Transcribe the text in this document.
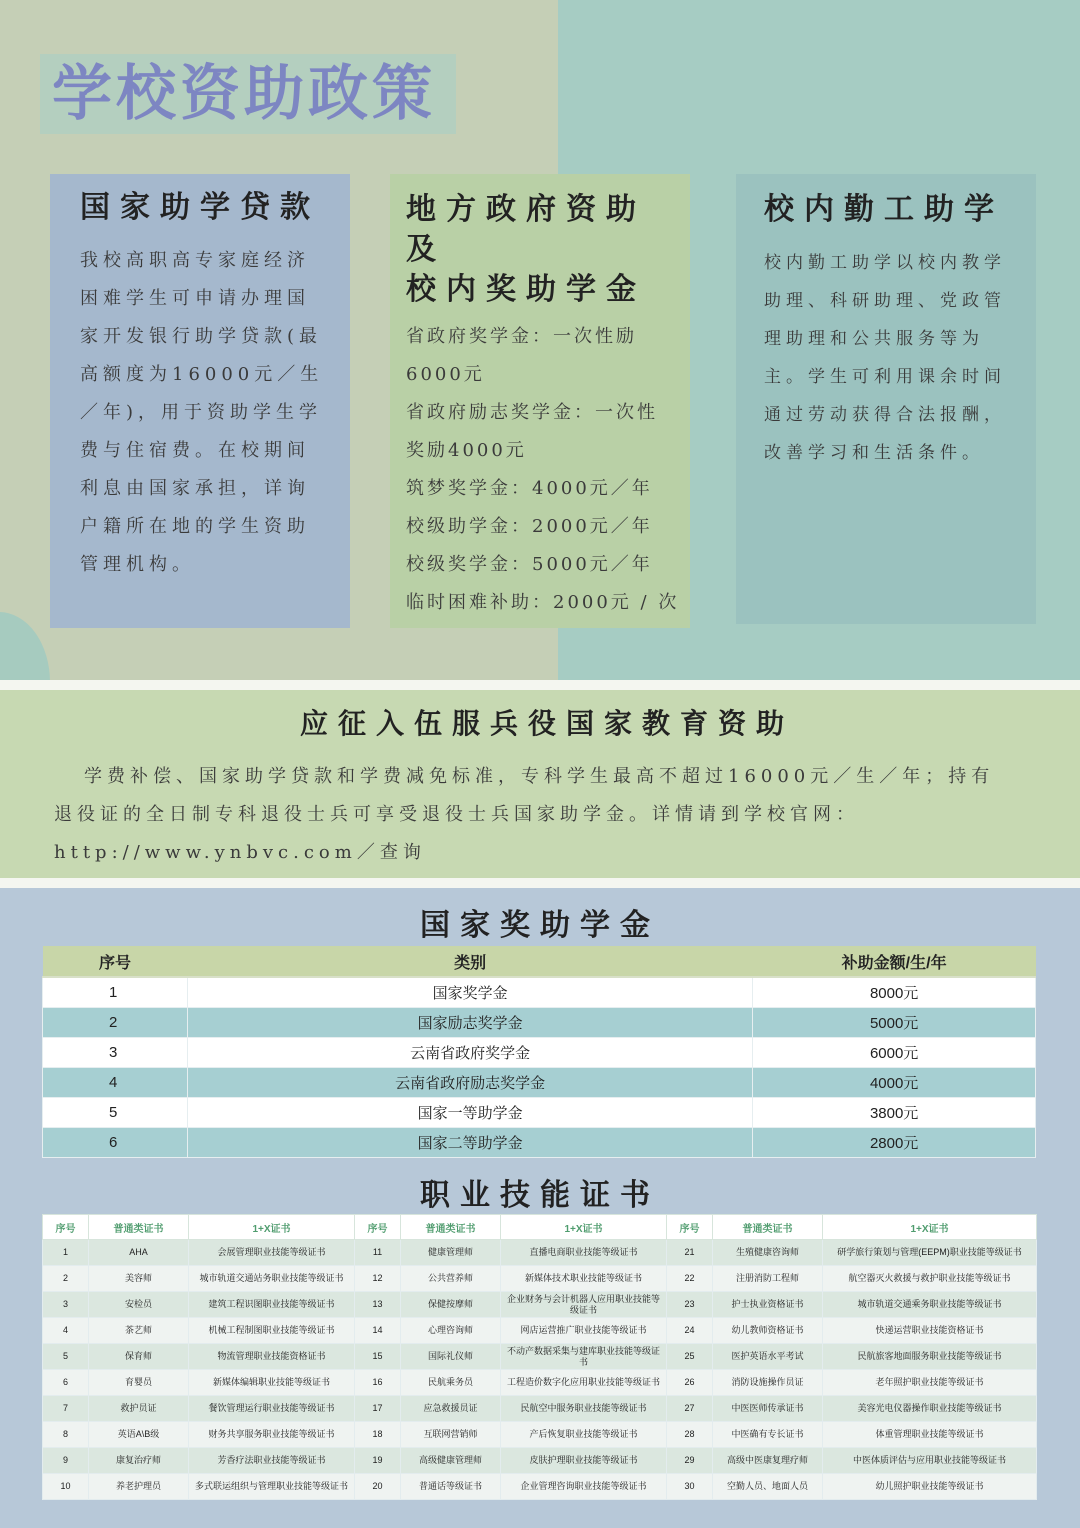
学校资助政策
国家助学贷款

我校高职高专家庭经济困难学生可申请办理国家开发银行助学贷款(最高额度为16000元／生／年)，用于资助学生学费与住宿费。在校期间利息由国家承担，详询户籍所在地的学生资助管理机构。

地方政府资助及
校内奖助学金
省政府奖学金：一次性励
6000元
省政府励志奖学金：一次性
奖励4000元
筑梦奖学金：4000元／年
校级助学金：2000元／年
校级奖学金：5000元／年
临时困难补助：2000元 / 次
校内勤工助学

校内勤工助学以校内教学助理、科研助理、党政管理助理和公共服务等为主。学生可利用课余时间通过劳动获得合法报酬，改善学习和生活条件。

应征入伍服兵役国家教育资助

学费补偿、国家助学贷款和学费减免标准，专科学生最高不超过16000元／生／年；持有

退役证的全日制专科退役士兵可享受退役士兵国家助学金。详情请到学校官网：

http://www.ynbvc.com／查询

国家奖助学金
序号	类别	补助金额/生/年
1	国家奖学金	8000元
2	国家励志奖学金	5000元
3	云南省政府奖学金	6000元
4	云南省政府励志奖学金	4000元
5	国家一等助学金	3800元
6	国家二等助学金	2800元
职业技能证书
序号	普通类证书	1+X证书	序号	普通类证书	1+X证书	序号	普通类证书	1+X证书
1	AHA	会展管理职业技能等级证书	11	健康管理师	直播电商职业技能等级证书	21	生殖健康咨询师	研学旅行策划与管理(EEPM)职业技能等级证书
2	美容师	城市轨道交通站务职业技能等级证书	12	公共营养师	新媒体技术职业技能等级证书	22	注册消防工程师	航空器灭火救援与救护职业技能等级证书
3	安检员	建筑工程识图职业技能等级证书	13	保健按摩师	企业财务与会计机器人应用职业技能等级证书	23	护士执业资格证书	城市轨道交通乘务职业技能等级证书
4	茶艺师	机械工程制图职业技能等级证书	14	心理咨询师	网店运营推广职业技能等级证书	24	幼儿教师资格证书	快递运营职业技能资格证书
5	保育师	物流管理职业技能资格证书	15	国际礼仪师	不动产数据采集与建库职业技能等级证书	25	医护英语水平考试	民航旅客地面服务职业技能等级证书
6	育婴员	新媒体编辑职业技能等级证书	16	民航乘务员	工程造价数字化应用职业技能等级证书	26	消防设施操作员证	老年照护职业技能等级证书
7	救护员证	餐饮管理运行职业技能等级证书	17	应急救援员证	民航空中服务职业技能等级证书	27	中医医师传承证书	美容光电仪器操作职业技能等级证书
8	英语A\B级	财务共享服务职业技能等级证书	18	互联网营销师	产后恢复职业技能等级证书	28	中医确有专长证书	体重管理职业技能等级证书
9	康复治疗师	芳香疗法职业技能等级证书	19	高级健康管理师	皮肤护理职业技能等级证书	29	高级中医康复理疗师	中医体质评估与应用职业技能等级证书
10	养老护理员	多式联运组织与管理职业技能等级证书	20	普通话等级证书	企业管理咨询职业技能等级证书	30	空勤人员、地面人员	幼儿照护职业技能等级证书
